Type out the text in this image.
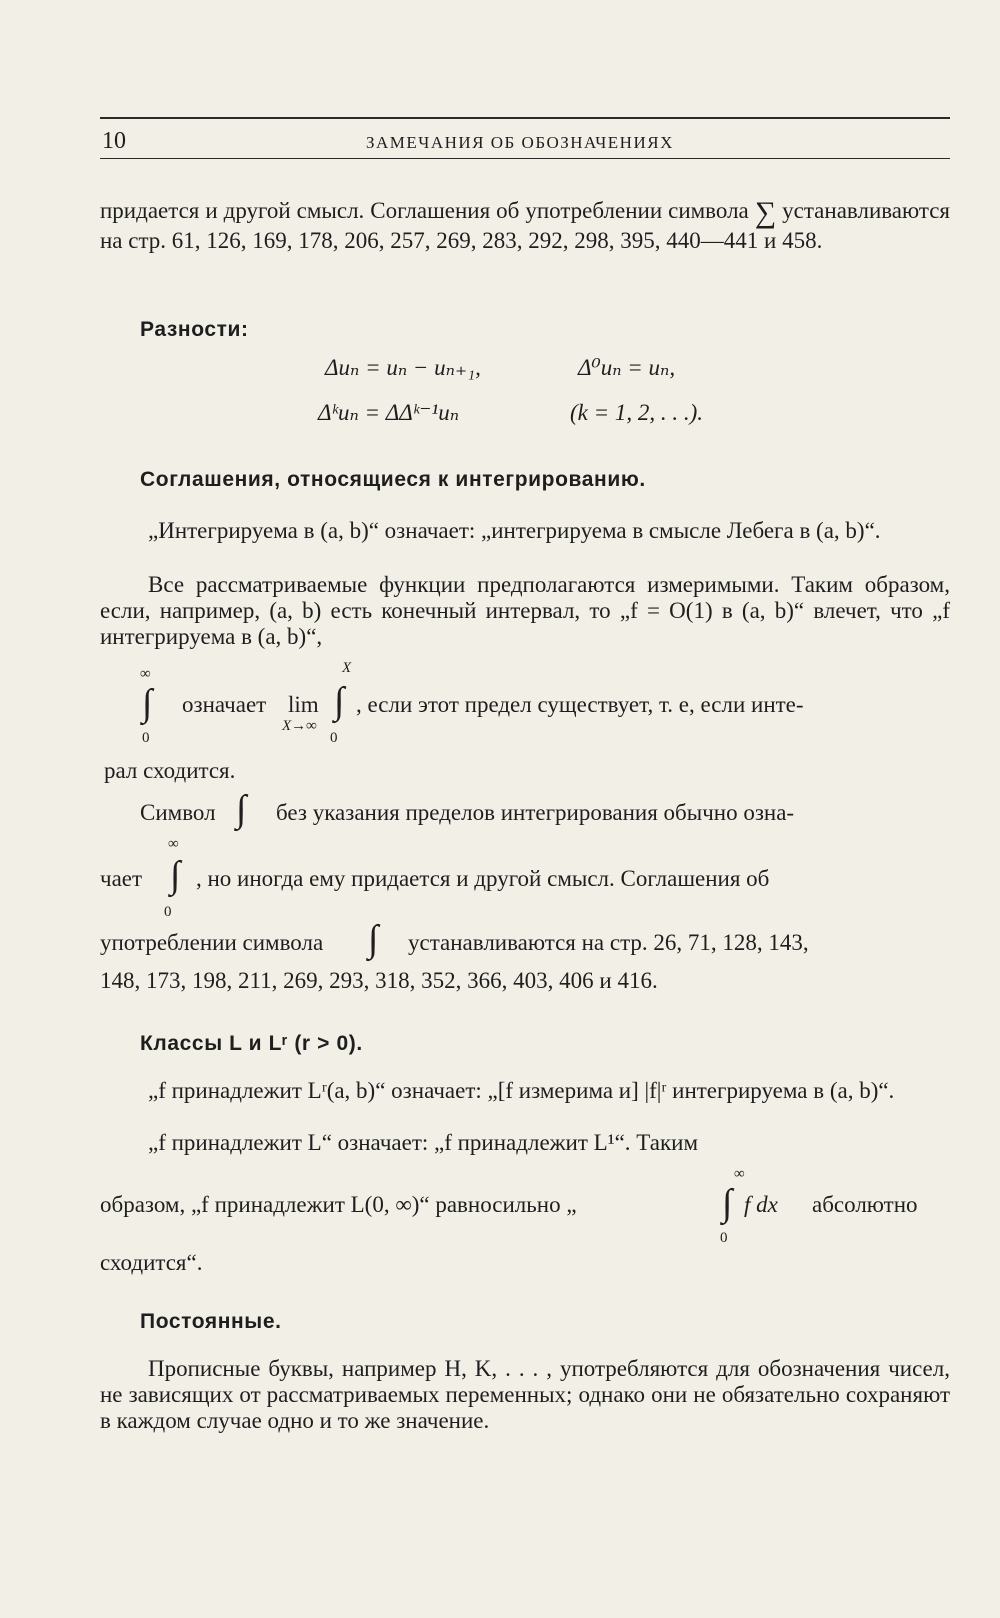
10	ЗАМЕЧАНИЯ ОБ ОБОЗНАЧЕНИЯХ
придается и другой смысл. Соглашения об употреблении символа ∑ устанавливаются на стр. 61, 126, 169, 178, 206, 257, 269, 283, 292, 298, 395, 440—441 и 458.
Разности:
Δuₙ = uₙ − uₙ₊₁,	Δ⁰uₙ = uₙ,
Δᵏuₙ = ΔΔᵏ⁻¹uₙ	(k = 1, 2, . . .).
Соглашения, относящиеся к интегрированию.
„Интегрируема в (a, b)“ означает: „интегрируема в смысле Лебега в (a, b)“.
Все рассматриваемые функции предполагаются измеримыми. Таким образом, если, например, (a, b) есть конечный интервал, то „f = O(1) в (a, b)“ влечет, что „f интегрируема в (a, b)“,
∞
∫
0
означает lim
X→∞
X
∫
0
, если этот предел существует, т. е, если инте-
рал сходится.
Символ ∫ без указания пределов интегрирования обычно озна-
∞
чает ∫
0
, но иногда ему придается и другой смысл. Соглашения об
употреблении символа ∫ устанавливаются на стр. 26, 71, 128, 143,
148, 173, 198, 211, 269, 293, 318, 352, 366, 403, 406 и 416.
Классы L и Lʳ (r > 0).
„f принадлежит Lʳ(a, b)“ означает: „[f измерима и] |f|ʳ интегрируема в (a, b)“.
„f принадлежит L“ означает: „f принадлежит L¹“. Таким
образом, „f принадлежит L(0, ∞)“ равносильно „
∞
∫
0
f dx абсолютно
сходится“.
Постоянные.
Прописные буквы, например H, K, . . . , употребляются для обозначения чисел, не зависящих от рассматриваемых переменных; однако они не обязательно сохраняют в каждом случае одно и то же значение.
